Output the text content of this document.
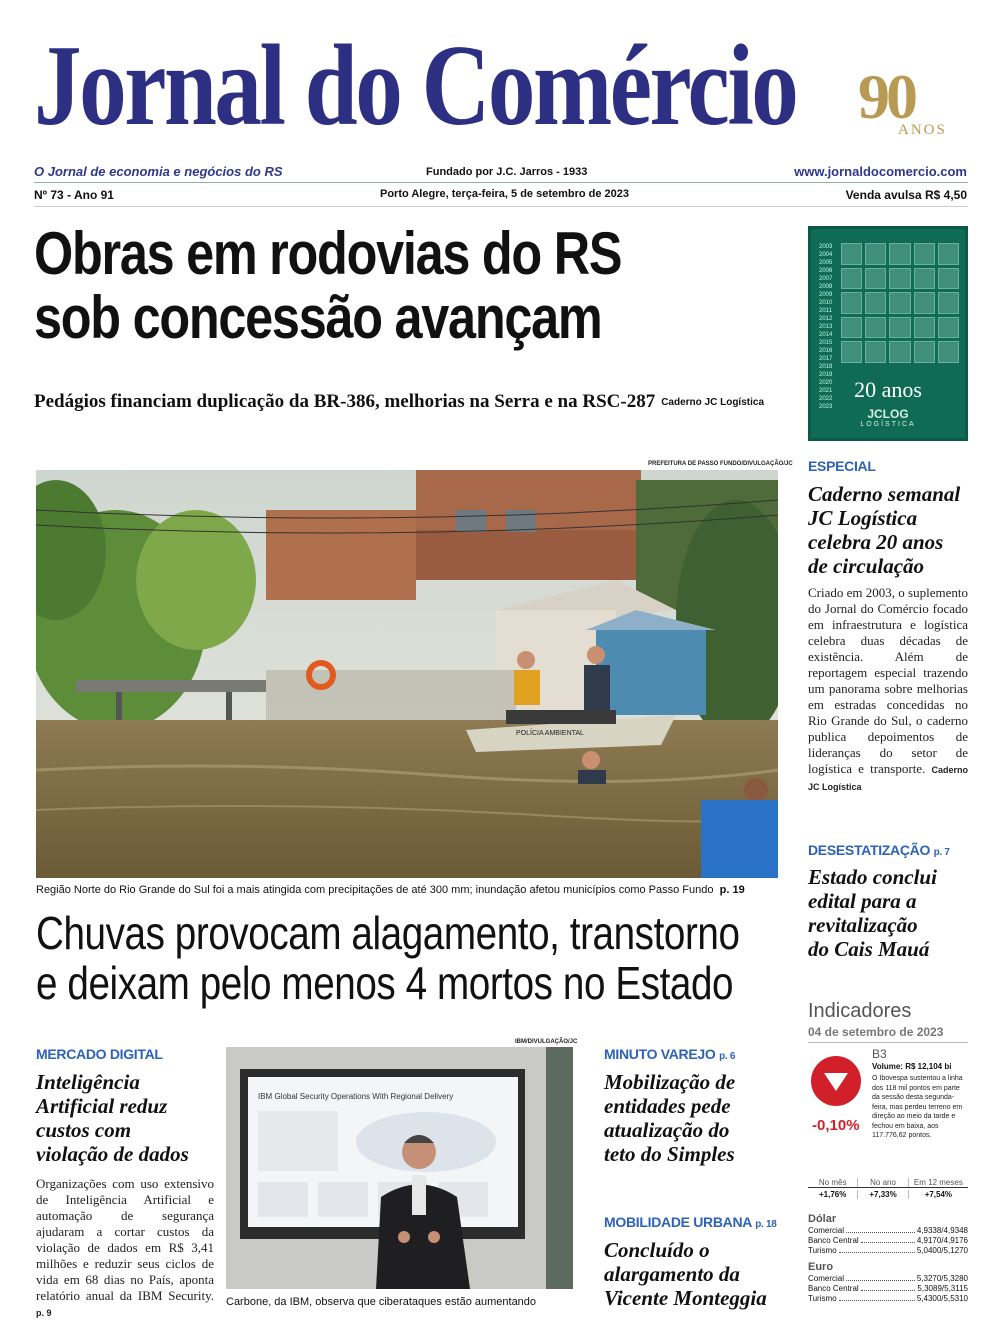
Jornal do Comércio 90
ANOS
O Jornal de economia e negócios do RS	Fundado por J.C. Jarros - 1933	www.jornaldocomercio.com
Nº 73 - Ano 91	Porto Alegre, terça-feira, 5 de setembro de 2023	Venda avulsa R$ 4,50
Obras em rodovias do RS
sob concessão avançam
Pedágios financiam duplicação da BR-386, melhorias na Serra e na RSC-287 Caderno JC Logística
2003
2004
2005
2006
2007
2008
2009
2010
2011
2012
2013
2014
2015
2016
2017
2018
2019
2020
2021
2022
2023
20 anos
JCLOG
LOGÍSTICA
PREFEITURA DE PASSO FUNDO/DIVULGAÇÃO/JC
POLÍCIA AMBIENTAL
Região Norte do Rio Grande do Sul foi a mais atingida com precipitações de até 300 mm; inundação afetou municípios como Passo Fundo p. 19
Chuvas provocam alagamento, transtorno
e deixam pelo menos 4 mortos no Estado
ESPECIAL
Caderno semanal
JC Logística
celebra 20 anos
de circulação
Criado em 2003, o suplemento do Jornal do Comércio focado em infraestrutura e logística celebra duas décadas de existência. Além de reportagem especial trazendo um panorama sobre melhorias em estradas concedidas no Rio Grande do Sul, o caderno publica depoimentos de lideranças do setor de logística e transporte. Caderno JC Logística
DESESTATIZAÇÃO p. 7
Estado conclui
edital para a
revitalização
do Cais Mauá
MERCADO DIGITAL
Inteligência
Artificial reduz
custos com
violação de dados
Organizações com uso extensivo de Inteligência Artificial e automação de segurança ajudaram a cortar custos da violação de dados em R$ 3,41 milhões e reduzir seus ciclos de vida em 68 dias no País, aponta relatório anual da IBM Security. p. 9
IBM/DIVULGAÇÃO/JC
IBM Global Security Operations With Regional Delivery
Carbone, da IBM, observa que ciberataques estão aumentando
MINUTO VAREJO p. 6
Mobilização de
entidades pede
atualização do
teto do Simples
MOBILIDADE URBANA p. 18
Concluído o
alargamento da
Vicente Monteggia
Indicadores
04 de setembro de 2023
-0,10%
B3
Volume: R$ 12,104 bi
O Ibovespa sustentou a linha dos 118 mil pontos em parte da sessão desta segunda-feira, mas perdeu terreno em direção ao meio da tarde e fechou em baixa, aos 117.776,62 pontos.
No mês	No ano	Em 12 meses
+1,76%	+7,33%	+7,54%
Dólar
Comercial	4,9338/4,9348
Banco Central	4,9170/4,9176
Turismo	5,0400/5,1270
Euro
Comercial	5,3270/5,3280
Banco Central	5,3089/5,3115
Turismo	5,4300/5,5310
